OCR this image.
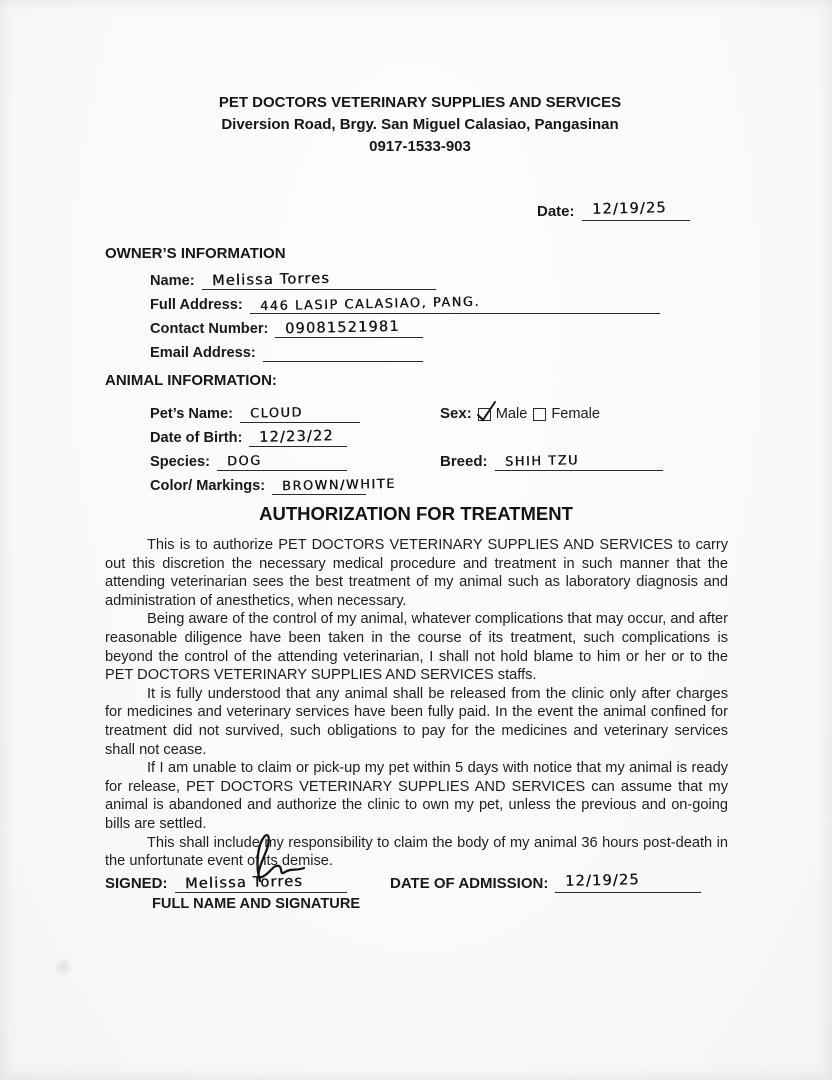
PET DOCTORS VETERINARY SUPPLIES AND SERVICES
Diversion Road, Brgy. San Miguel Calasiao, Pangasinan
0917-1533-903
Date: 12/19/25
OWNER’S INFORMATION
Name: Melissa Torres
Full Address: 446 LASIP CALASIAO, PANG.
Contact Number: 09081521981
Email Address:
ANIMAL INFORMATION:
Pet’s Name: CLOUD
Date of Birth: 12/23/22
Species: DOG
Color/ Markings: BROWN/WHITE
Sex: Male Female
Breed: SHIH TZU
AUTHORIZATION FOR TREATMENT

This is to authorize PET DOCTORS VETERINARY SUPPLIES AND SERVICES to carry out this discretion the necessary medical procedure and treatment in such manner that the attending veterinarian sees the best treatment of my animal such as laboratory diagnosis and administration of anesthetics, when necessary.

Being aware of the control of my animal, whatever complications that may occur, and after reasonable diligence have been taken in the course of its treatment, such complications is beyond the control of the attending veterinarian, I shall not hold blame to him or her or to the PET DOCTORS VETERINARY SUPPLIES AND SERVICES staffs.

It is fully understood that any animal shall be released from the clinic only after charges for medicines and veterinary services have been fully paid. In the event the animal confined for treatment did not survived, such obligations to pay for the medicines and veterinary services shall not cease.

If I am unable to claim or pick-up my pet within 5 days with notice that my animal is ready for release, PET DOCTORS VETERINARY SUPPLIES AND SERVICES can assume that my animal is abandoned and authorize the clinic to own my pet, unless the previous and on-going bills are settled.

This shall include my responsibility to claim the body of my animal 36 hours post-death in the unfortunate event of its demise.

SIGNED: Melissa Torres
FULL NAME AND SIGNATURE
DATE OF ADMISSION: 12/19/25
